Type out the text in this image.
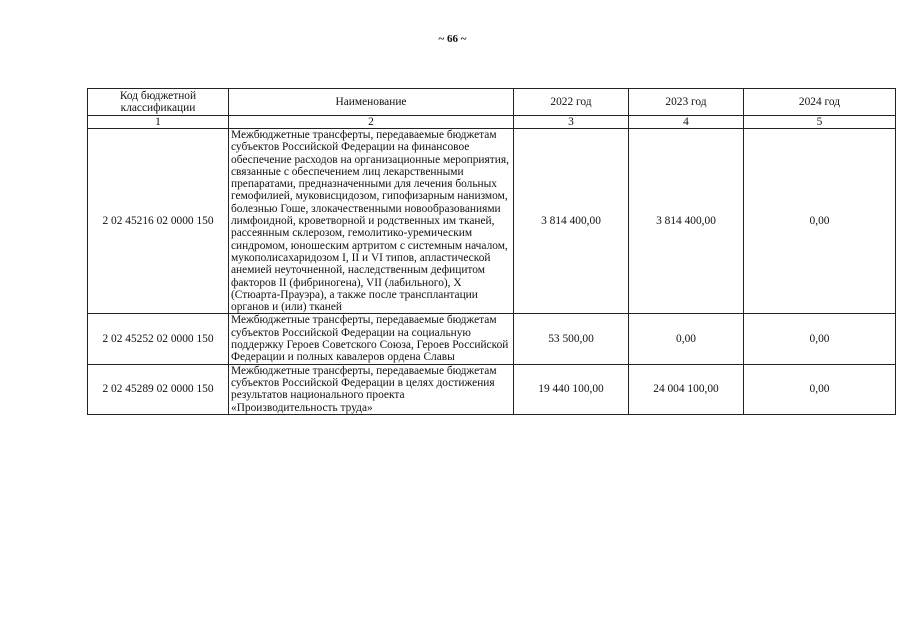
~ 66 ~
Код бюджетной классификации	Наименование	2022 год	2023 год	2024 год
1	2	3	4	5
2 02 45216 02 0000 150	Межбюджетные трансферты, передаваемые бюджетам субъектов Российской Федерации на финансовое обеспечение расходов на организационные мероприятия, связанные с обеспечением лиц лекарственными препаратами, предназначенными для лечения больных гемофилией, муковисцидозом, гипофизарным нанизмом, болезнью Гоше, злокачественными новообразованиями лимфоидной, кроветворной и родственных им тканей, рассеянным склерозом, гемолитико-уремическим синдромом, юношеским артритом с системным началом, мукополисахаридозом I, II и VI типов, апластической анемией неуточненной, наследственным дефицитом факторов II (фибриногена), VII (лабильного), X (Стюарта-Прауэра), а также после трансплантации органов и (или) тканей	3 814 400,00	3 814 400,00	0,00
2 02 45252 02 0000 150	Межбюджетные трансферты, передаваемые бюджетам субъектов Российской Федерации на социальную поддержку Героев Советского Союза, Героев Российской Федерации и полных кавалеров ордена Славы	53 500,00	0,00	0,00
2 02 45289 02 0000 150	Межбюджетные трансферты, передаваемые бюджетам субъектов Российской Федерации в целях достижения результатов национального проекта «Производительность труда»	19 440 100,00	24 004 100,00	0,00
